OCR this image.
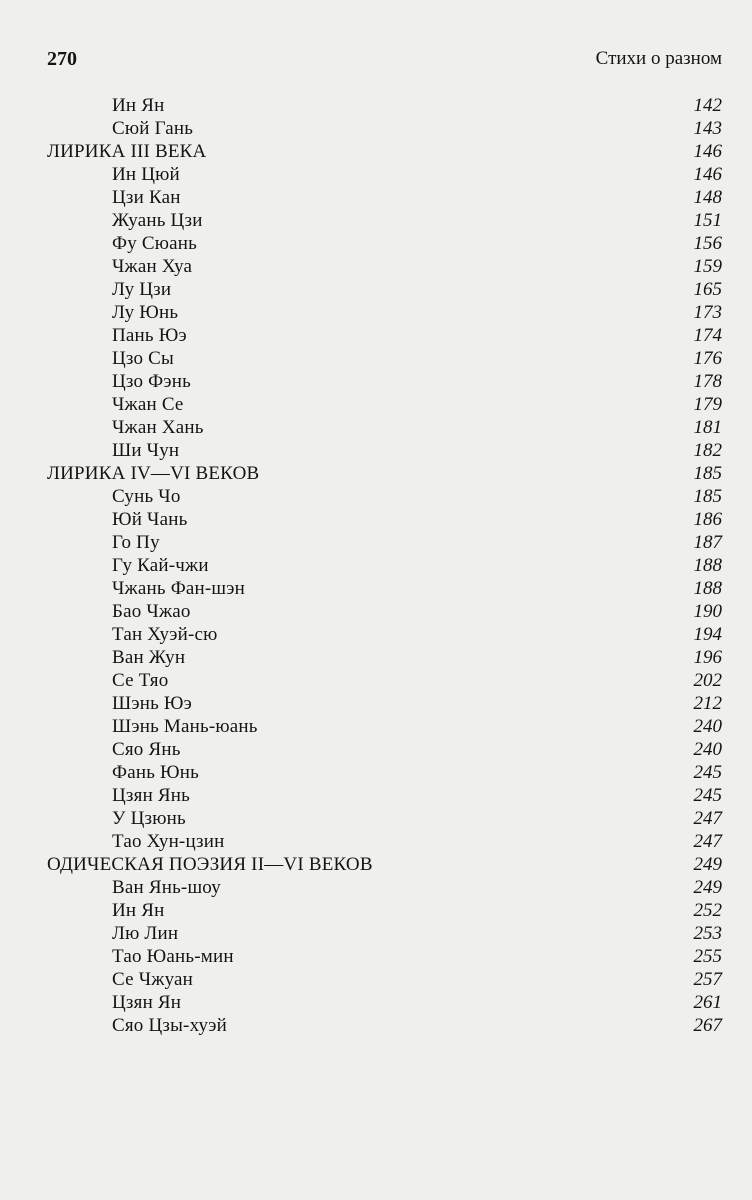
270	Стихи о разном
Ин Ян	142
Сюй Гань	143
ЛИРИКА III ВЕКА	146
Ин Цюй	146
Цзи Кан	148
Жуань Цзи	151
Фу Сюань	156
Чжан Хуа	159
Лу Цзи	165
Лу Юнь	173
Пань Юэ	174
Цзо Сы	176
Цзо Фэнь	178
Чжан Се	179
Чжан Хань	181
Ши Чун	182
ЛИРИКА IV—VI ВЕКОВ	185
Сунь Чо	185
Юй Чань	186
Го Пу	187
Гу Кай-чжи	188
Чжань Фан-шэн	188
Бао Чжао	190
Тан Хуэй-сю	194
Ван Жун	196
Се Тяо	202
Шэнь Юэ	212
Шэнь Мань-юань	240
Сяо Янь	240
Фань Юнь	245
Цзян Янь	245
У Цзюнь	247
Тао Хун-цзин	247
ОДИЧЕСКАЯ ПОЭЗИЯ II—VI ВЕКОВ	249
Ван Янь-шоу	249
Ин Ян	252
Лю Лин	253
Тао Юань-мин	255
Се Чжуан	257
Цзян Ян	261
Сяо Цзы-хуэй	267
